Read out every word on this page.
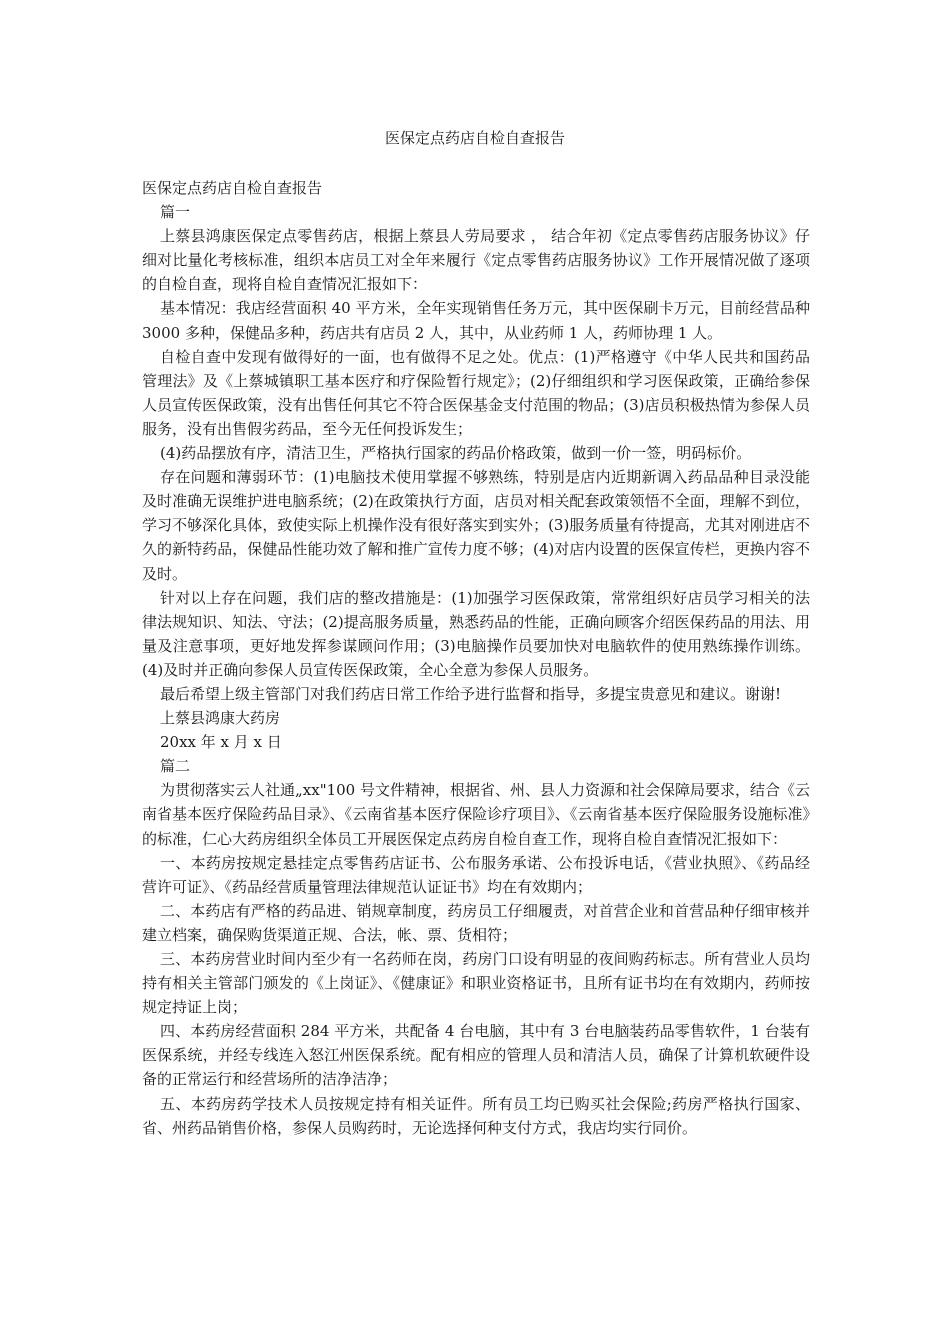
医保定点药店自检自查报告

医保定点药店自检自查报告

篇一

上蔡县鸿康医保定点零售药店，根据上蔡县人劳局要求 ， 结合年初《定点零售药店服务协议》仔细对比量化考核标准，组织本店员工对全年来履行《定点零售药店服务协议》工作开展情况做了逐项的自检自查，现将自检自查情况汇报如下：

基本情况：我店经营面积 40 平方米，全年实现销售任务万元，其中医保刷卡万元，目前经营品种 3000 多种，保健品多种，药店共有店员 2 人，其中，从业药师 1 人，药师协理 1 人。

自检自查中发现有做得好的一面，也有做得不足之处。优点：(1)严格遵守《中华人民共和国药品管理法》及《上蔡城镇职工基本医疗和疗保险暂行规定》；(2)仔细组织和学习医保政策，正确给参保人员宣传医保政策，没有出售任何其它不符合医保基金支付范围的物品；(3)店员积极热情为参保人员服务，没有出售假劣药品，至今无任何投诉发生；

(4)药品摆放有序，清洁卫生，严格执行国家的药品价格政策，做到一价一签，明码标价。

存在问题和薄弱环节：(1)电脑技术使用掌握不够熟练，特别是店内近期新调入药品品种目录没能及时准确无误维护进电脑系统；(2)在政策执行方面，店员对相关配套政策领悟不全面，理解不到位，学习不够深化具体，致使实际上机操作没有很好落实到实外；(3)服务质量有待提高，尤其对刚进店不久的新特药品，保健品性能功效了解和推广宣传力度不够；(4)对店内设置的医保宣传栏，更换内容不及时。

针对以上存在问题，我们店的整改措施是：(1)加强学习医保政策，常常组织好店员学习相关的法律法规知识、知法、守法；(2)提高服务质量，熟悉药品的性能，正确向顾客介绍医保药品的用法、用量及注意事项，更好地发挥参谋顾问作用；(3)电脑操作员要加快对电脑软件的使用熟练操作训练。(4)及时并正确向参保人员宣传医保政策，全心全意为参保人员服务。

最后希望上级主管部门对我们药店日常工作给予进行监督和指导，多提宝贵意见和建议。谢谢!

上蔡县鸿康大药房

20xx 年 x 月 x 日

篇二

为贯彻落实云人社通„xx"100 号文件精神，根据省、州、县人力资源和社会保障局要求，结合《云南省基本医疗保险药品目录》、《云南省基本医疗保险诊疗项目》、《云南省基本医疗保险服务设施标准》的标准，仁心大药房组织全体员工开展医保定点药房自检自查工作，现将自检自查情况汇报如下：

一、本药房按规定悬挂定点零售药店证书、公布服务承诺、公布投诉电话，《营业执照》、《药品经营许可证》、《药品经营质量管理法律规范认证证书》均在有效期内；

二、本药店有严格的药品进、销规章制度，药房员工仔细履责，对首营企业和首营品种仔细审核并建立档案，确保购货渠道正规、合法，帐、票、货相符；

三、本药房营业时间内至少有一名药师在岗，药房门口设有明显的夜间购药标志。所有营业人员均持有相关主管部门颁发的《上岗证》、《健康证》和职业资格证书，且所有证书均在有效期内，药师按规定持证上岗；

四、本药房经营面积 284 平方米，共配备 4 台电脑，其中有 3 台电脑装药品零售软件，1 台装有医保系统，并经专线连入怒江州医保系统。配有相应的管理人员和清洁人员，确保了计算机软硬件设备的正常运行和经营场所的洁净洁净；

五、本药房药学技术人员按规定持有相关证件。所有员工均已购买社会保险;药房严格执行国家、省、州药品销售价格，参保人员购药时，无论选择何种支付方式，我店均实行同价。
